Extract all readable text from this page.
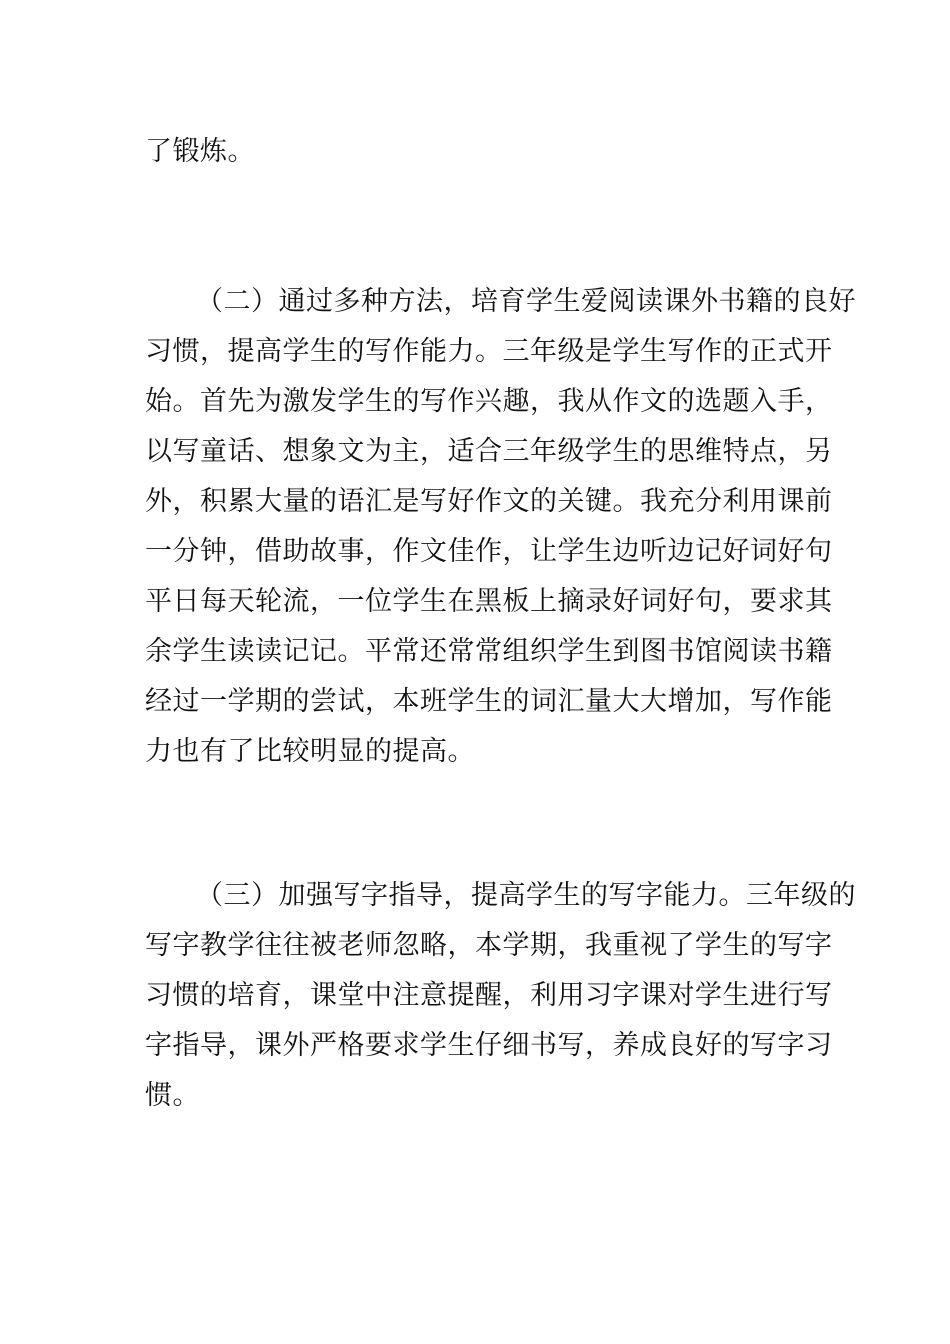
了锻炼。
（二）通过多种方法，培育学生爱阅读课外书籍的良好
习惯，提高学生的写作能力。三年级是学生写作的正式开
始。首先为激发学生的写作兴趣，我从作文的选题入手，
以写童话、想象文为主，适合三年级学生的思维特点，另
外，积累大量的语汇是写好作文的关键。我充分利用课前
一分钟，借助故事，作文佳作，让学生边听边记好词好句
平日每天轮流，一位学生在黑板上摘录好词好句，要求其
余学生读读记记。平常还常常组织学生到图书馆阅读书籍
经过一学期的尝试，本班学生的词汇量大大增加，写作能
力也有了比较明显的提高。
（三）加强写字指导，提高学生的写字能力。三年级的
写字教学往往被老师忽略，本学期，我重视了学生的写字
习惯的培育，课堂中注意提醒，利用习字课对学生进行写
字指导，课外严格要求学生仔细书写，养成良好的写字习
惯。
